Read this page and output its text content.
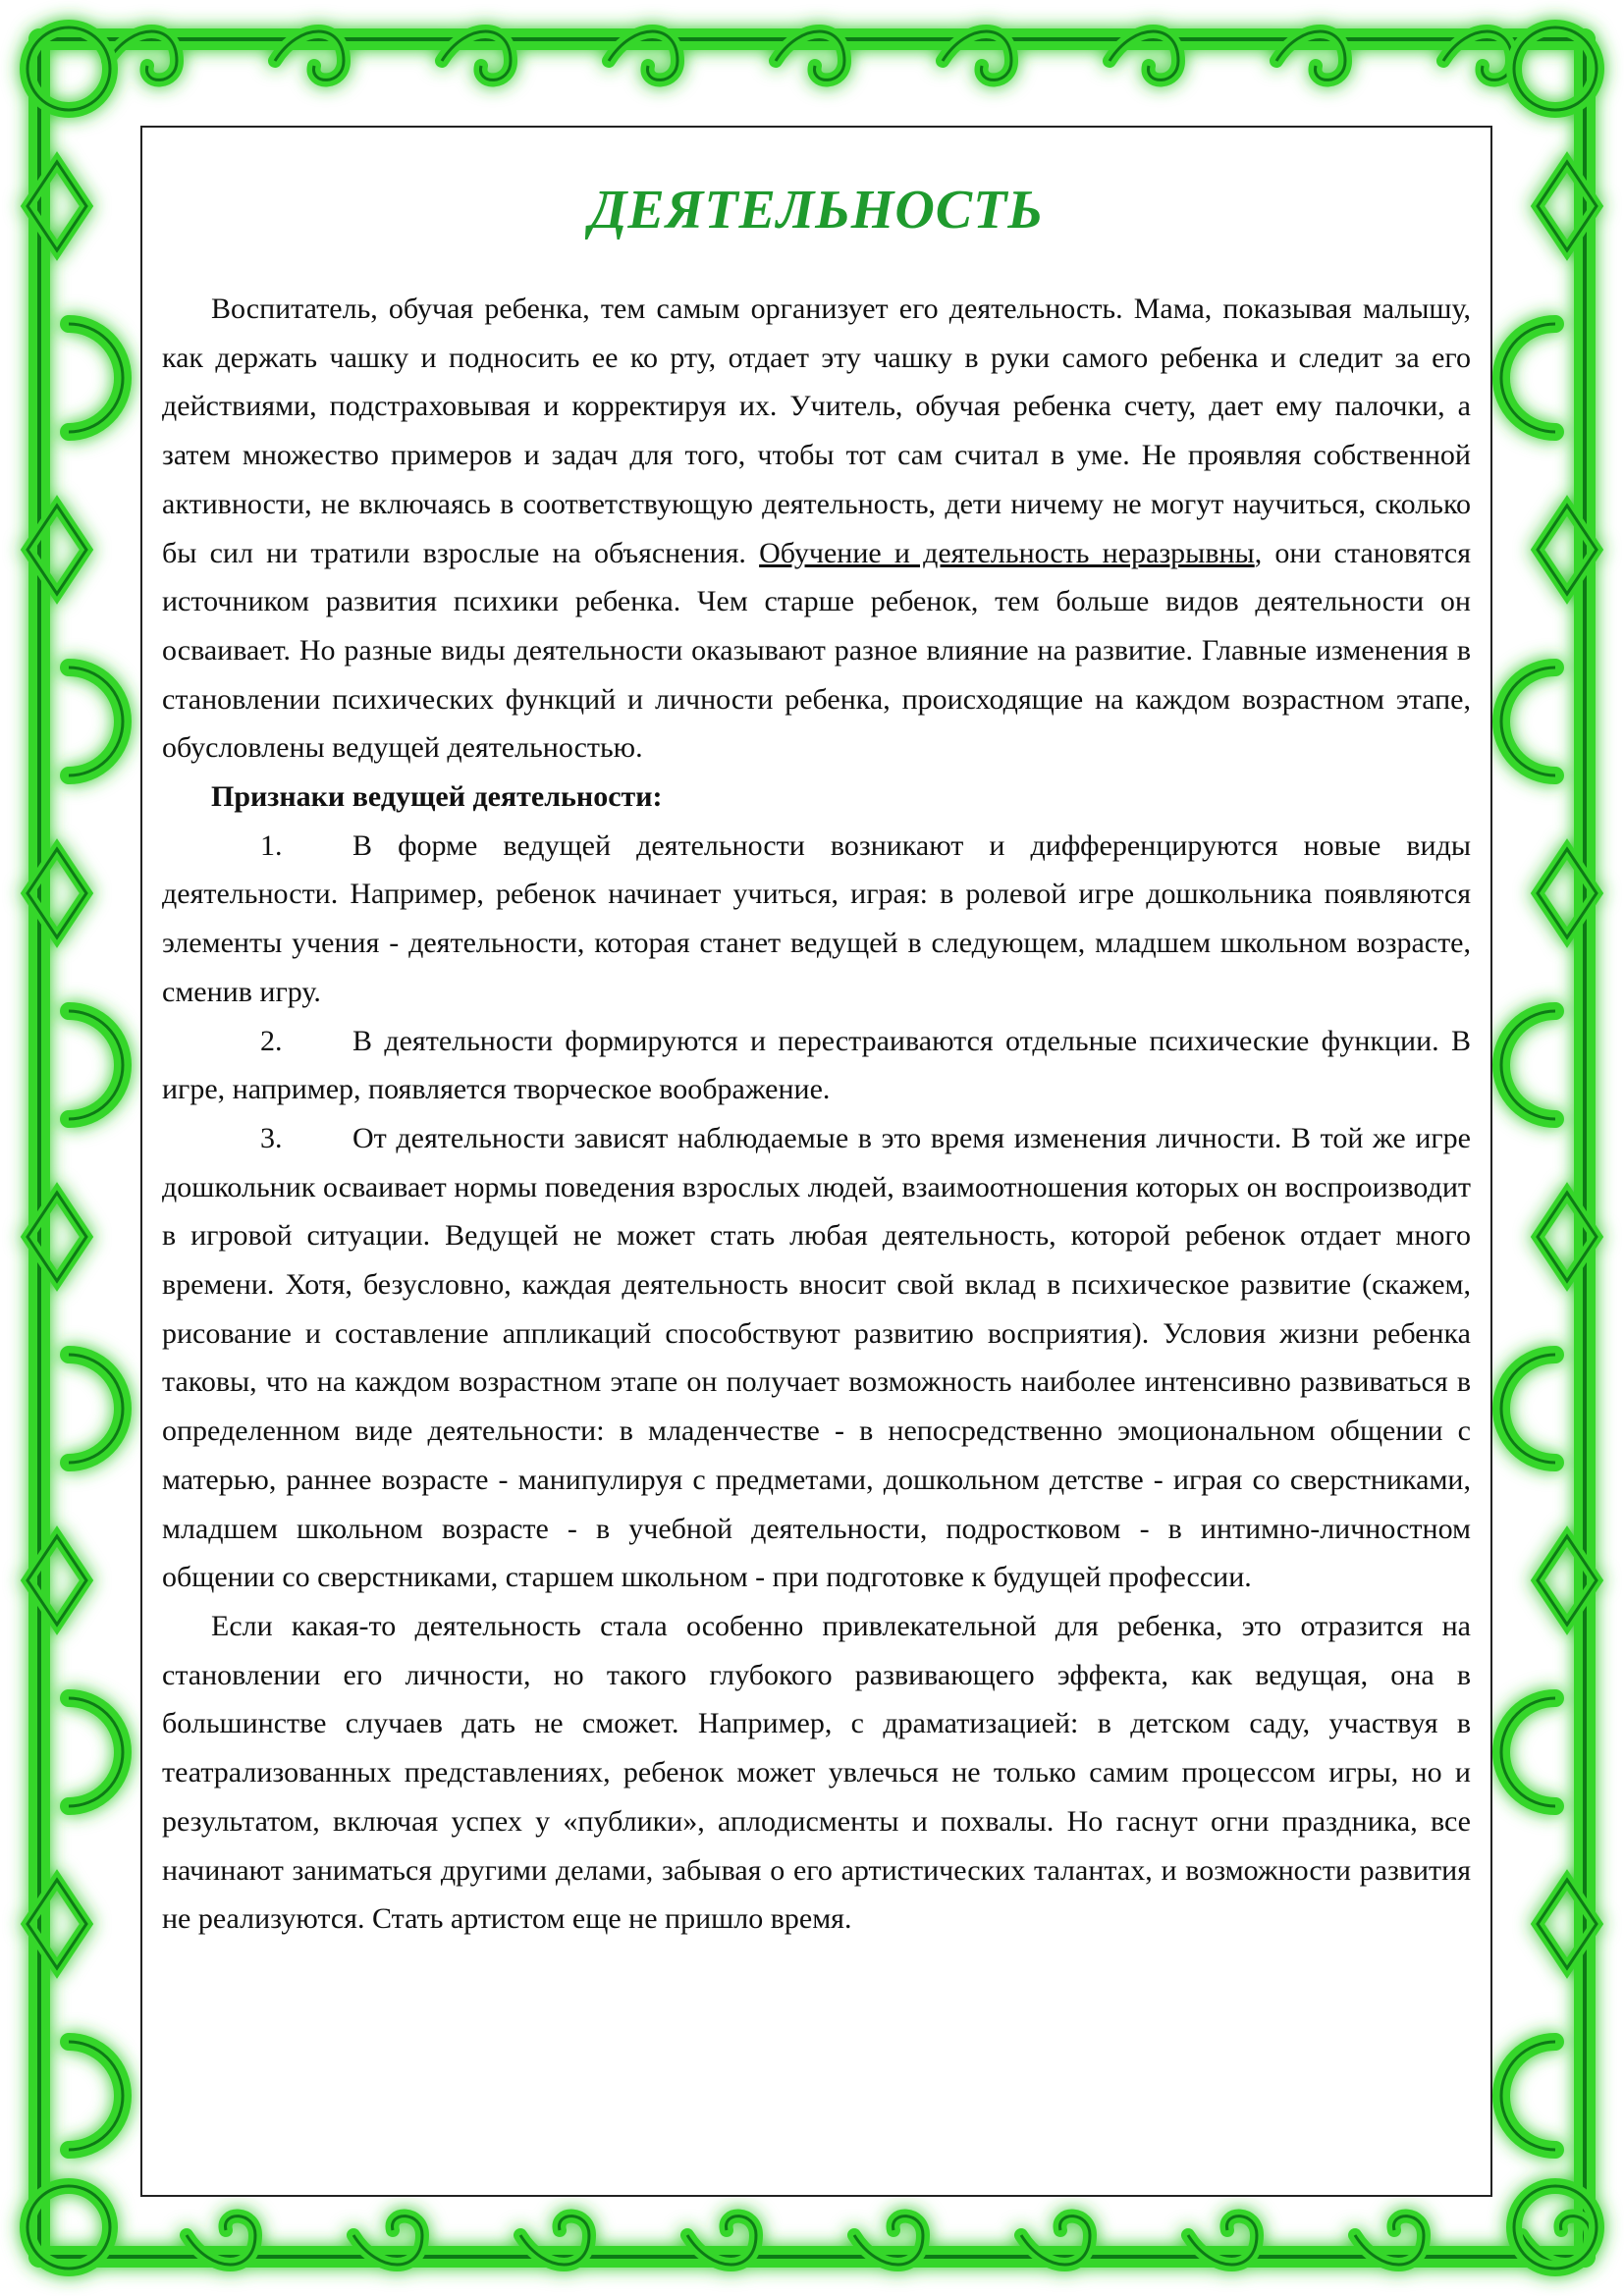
ДЕЯТЕЛЬНОСТЬ

Воспитатель, обучая ребенка, тем самым организует его деятельность. Мама, показывая малышу, как держать чашку и подносить ее ко рту, отдает эту чашку в руки самого ребенка и следит за его действиями, подстраховывая и корректируя их. Учитель, обучая ребенка счету, дает ему палочки, а затем множество примеров и задач для того, чтобы тот сам считал в уме. Не проявляя собственной активности, не включаясь в соответствующую деятельность, дети ничему не могут научиться, сколько бы сил ни тратили взрослые на объяснения. Обучение и деятельность неразрывны, они становятся источником развития психики ребенка. Чем старше ребенок, тем больше видов деятельности он осваивает. Но разные виды деятельности оказывают разное влияние на развитие. Главные изменения в становлении психических функций и личности ребенка, происходящие на каждом возрастном этапе, обусловлены ведущей деятельностью.

Признаки ведущей деятельности:

1. В форме ведущей деятельности возникают и дифференцируются новые виды деятельности. Например, ребенок начинает учиться, играя: в ролевой игре дошкольника появляются элементы учения - деятельности, которая станет ведущей в следующем, младшем школьном возрасте, сменив игру.

2. В деятельности формируются и перестраиваются отдельные психические функции. В игре, например, появляется творческое воображение.

3. От деятельности зависят наблюдаемые в это время изменения личности. В той же игре дошкольник осваивает нормы поведения взрослых людей, взаимоотношения которых он воспроизводит в игровой ситуации. Ведущей не может стать любая деятельность, которой ребенок отдает много времени. Хотя, безусловно, каждая деятельность вносит свой вклад в психическое развитие (скажем, рисование и составление аппликаций способствуют развитию восприятия). Условия жизни ребенка таковы, что на каждом возрастном этапе он получает возможность наиболее интенсивно развиваться в определенном виде деятельности: в младенчестве - в непосредственно эмоциональном общении с матерью, раннее возрасте - манипулируя с предметами, дошкольном детстве - играя со сверстниками, младшем школьном возрасте - в учебной деятельности, подростковом - в интимно-личностном общении со сверстниками, старшем школьном - при подготовке к будущей профессии.

Если какая-то деятельность стала особенно привлекательной для ребенка, это отразится на становлении его личности, но такого глубокого развивающего эффекта, как ведущая, она в большинстве случаев дать не сможет. Например, с драматизацией: в детском саду, участвуя в театрализованных представлениях, ребенок может увлечься не только самим процессом игры, но и результатом, включая успех у «публики», аплодисменты и похвалы. Но гаснут огни праздника, все начинают заниматься другими делами, забывая о его артистических талантах, и возможности развития не реализуются. Стать артистом еще не пришло время.
